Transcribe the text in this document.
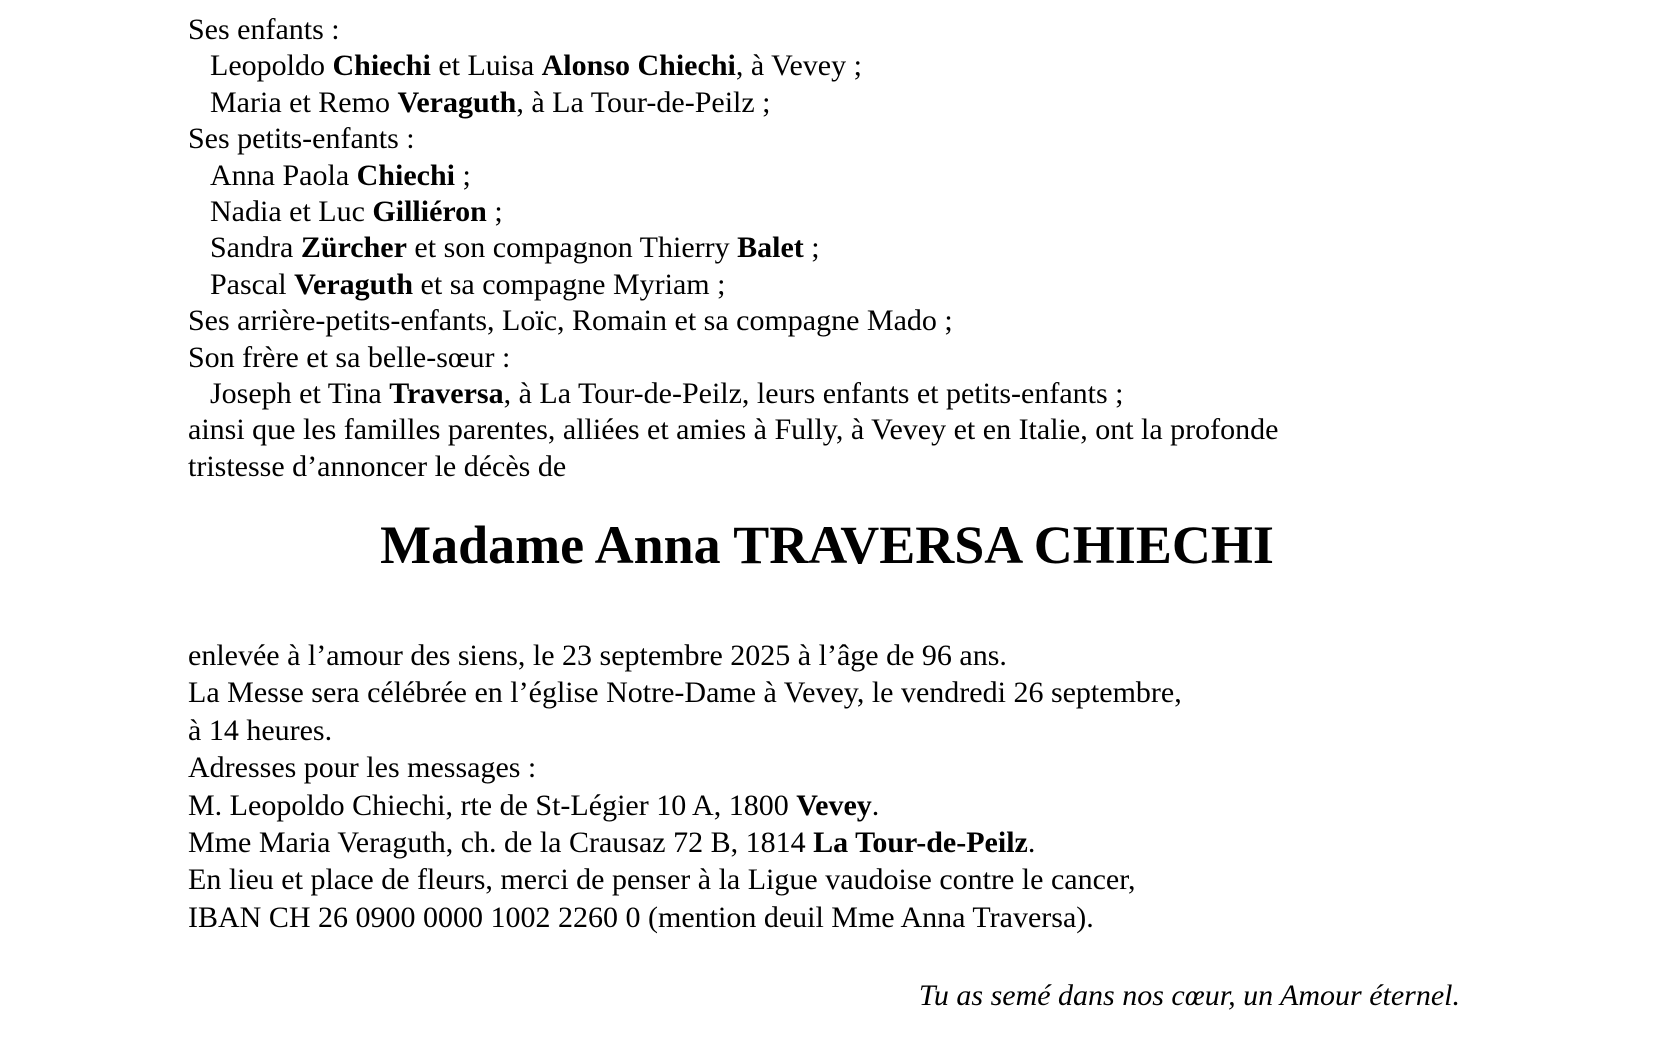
Ses enfants :
Leopoldo Chiechi et Luisa Alonso Chiechi, à Vevey ;
Maria et Remo Veraguth, à La Tour-de-Peilz ;
Ses petits-enfants :
Anna Paola Chiechi ;
Nadia et Luc Gilliéron ;
Sandra Zürcher et son compagnon Thierry Balet ;
Pascal Veraguth et sa compagne Myriam ;
Ses arrière-petits-enfants, Loïc, Romain et sa compagne Mado ;
Son frère et sa belle-sœur :
Joseph et Tina Traversa, à La Tour-de-Peilz, leurs enfants et petits-enfants ;
ainsi que les familles parentes, alliées et amies à Fully, à Vevey et en Italie, ont la profonde
tristesse d’annoncer le décès de
Madame Anna TRAVERSA CHIECHI
enlevée à l’amour des siens, le 23 septembre 2025 à l’âge de 96 ans.
La Messe sera célébrée en l’église Notre-Dame à Vevey, le vendredi 26 septembre,
à 14 heures.
Adresses pour les messages :
M. Leopoldo Chiechi, rte de St-Légier 10 A, 1800 Vevey.
Mme Maria Veraguth, ch. de la Crausaz 72 B, 1814 La Tour-de-Peilz.
En lieu et place de fleurs, merci de penser à la Ligue vaudoise contre le cancer,
IBAN CH 26 0900 0000 1002 2260 0 (mention deuil Mme Anna Traversa).
Tu as semé dans nos cœur, un Amour éternel.
